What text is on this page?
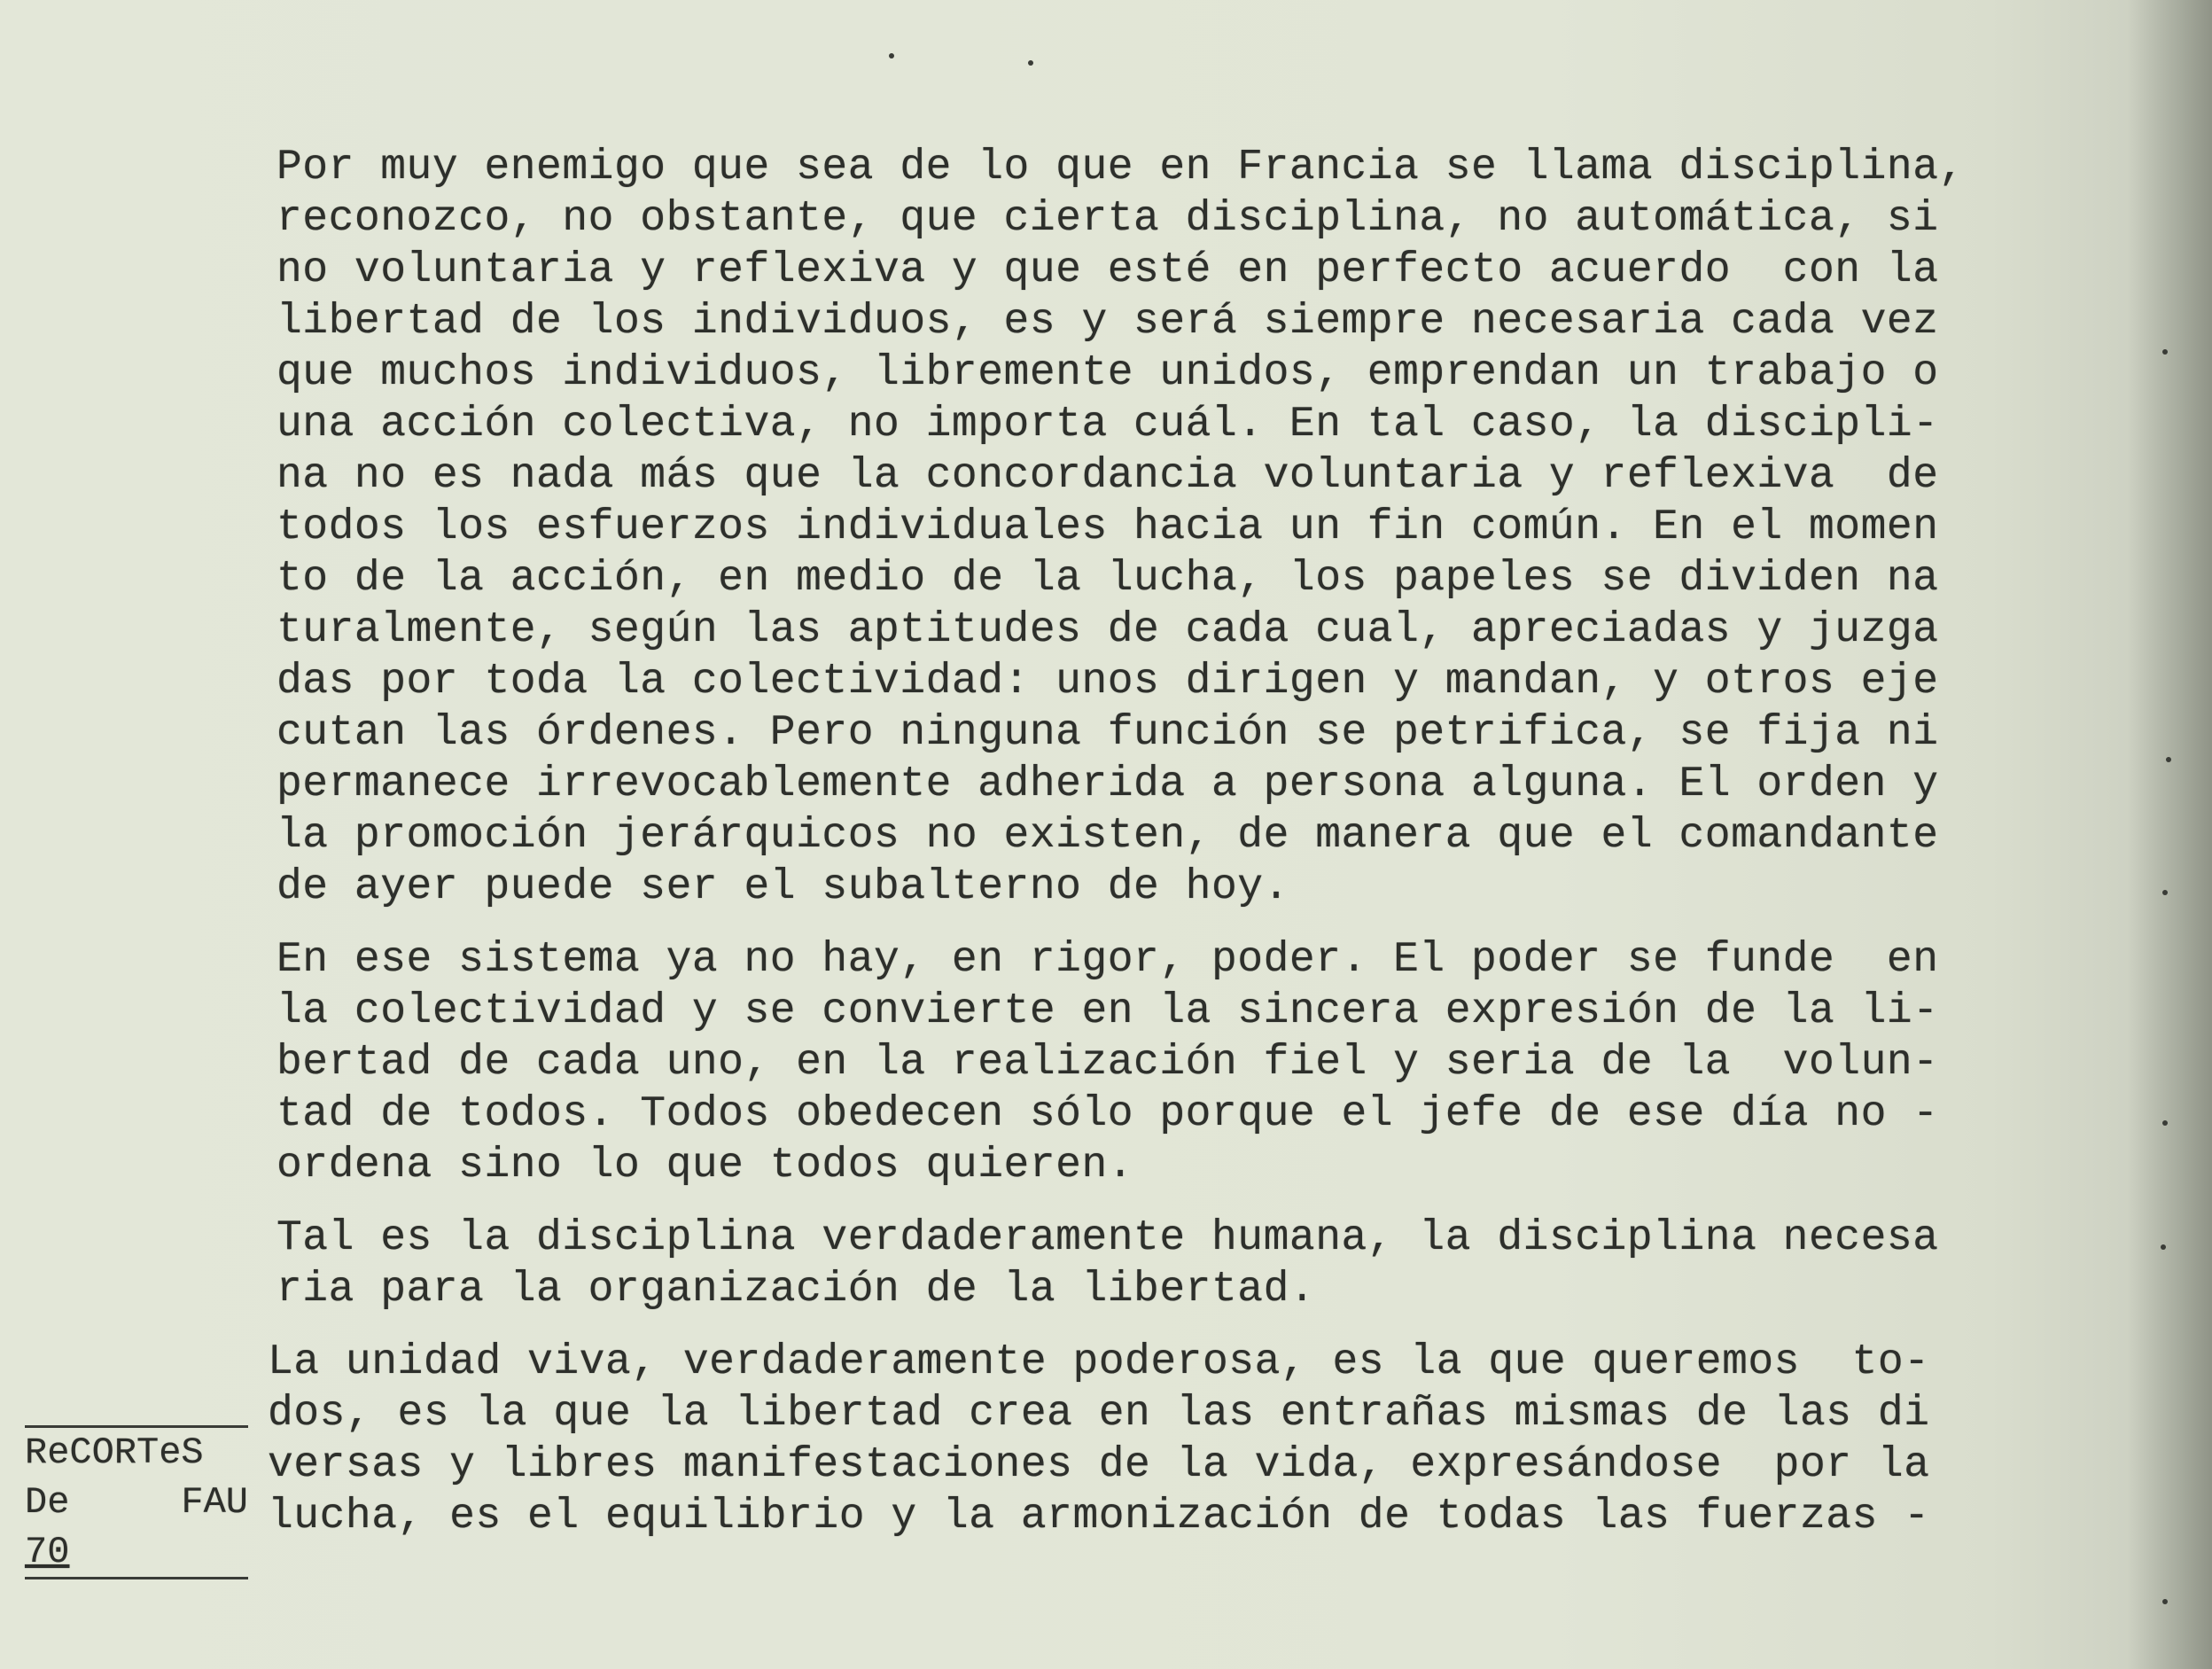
Por muy enemigo que sea de lo que en Francia se llama disciplina,
reconozco, no obstante, que cierta disciplina, no automática, si
no voluntaria y reflexiva y que esté en perfecto acuerdo  con la
libertad de los individuos, es y será siempre necesaria cada vez
que muchos individuos, libremente unidos, emprendan un trabajo o
una acción colectiva, no importa cuál. En tal caso, la discipli-
na no es nada más que la concordancia voluntaria y reflexiva  de
todos los esfuerzos individuales hacia un fin común. En el momen
to de la acción, en medio de la lucha, los papeles se dividen na
turalmente, según las aptitudes de cada cual, apreciadas y juzga
das por toda la colectividad: unos dirigen y mandan, y otros eje
cutan las órdenes. Pero ninguna función se petrifica, se fija ni
permanece irrevocablemente adherida a persona alguna. El orden y
la promoción jerárquicos no existen, de manera que el comandante
de ayer puede ser el subalterno de hoy.

En ese sistema ya no hay, en rigor, poder. El poder se funde  en
la colectividad y se convierte en la sincera expresión de la li-
bertad de cada uno, en la realización fiel y seria de la  volun-
tad de todos. Todos obedecen sólo porque el jefe de ese día no -
ordena sino lo que todos quieren.

Tal es la disciplina verdaderamente humana, la disciplina necesa
ria para la organización de la libertad.

La unidad viva, verdaderamente poderosa, es la que queremos  to-
dos, es la que la libertad crea en las entrañas mismas de las di
versas y libres manifestaciones de la vida, expresándose  por la
lucha, es el equilibrio y la armonización de todas las fuerzas -

ReCORTeS
De	FAU
70
